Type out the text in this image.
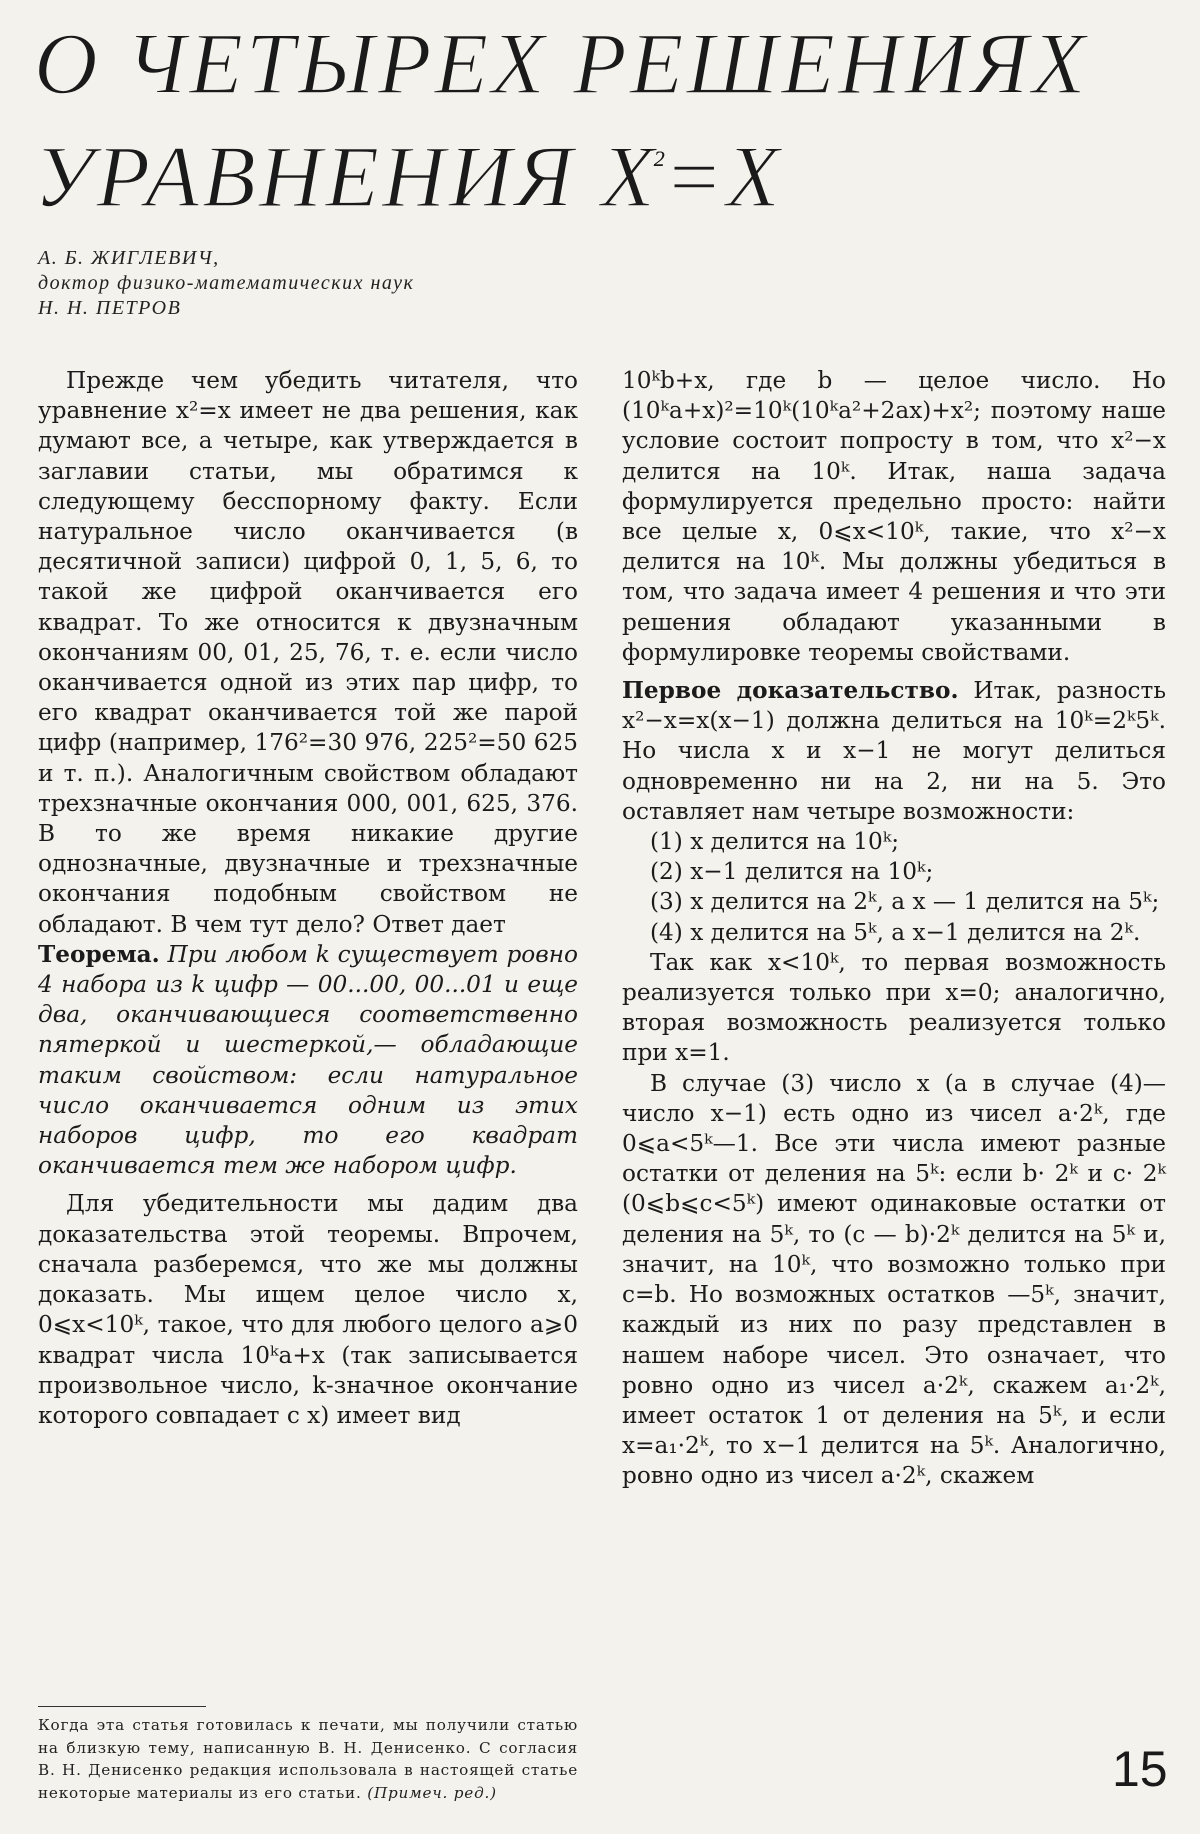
О ЧЕТЫРЕХ РЕШЕНИЯХ
УРАВНЕНИЯ $X^2=X$
А. Б. ЖИГЛЕВИЧ,
доктор физико-математических наук
Н. Н. ПЕТРОВ

Прежде чем убедить читателя, что уравнение x²=x имеет не два решения, как думают все, а четыре, как утверждается в заглавии статьи, мы обратимся к следующему бесспорному факту. Если натуральное число оканчивается (в десятичной записи) цифрой 0, 1, 5, 6, то такой же цифрой оканчивается его квадрат. То же относится к двузначным окончаниям 00, 01, 25, 76, т. е. если число оканчивается одной из этих пар цифр, то его квадрат оканчивается той же парой цифр (например, 176²=30 976, 225²=50 625 и т. п.). Аналогичным свойством обладают трехзначные окончания 000, 001, 625, 376. В то же время никакие другие однозначные, двузначные и трехзначные окончания подобным свойством не обладают. В чем тут дело? Ответ дает

Теорема. При любом k существует ровно 4 набора из k цифр — 00...00, 00...01 и еще два, оканчивающиеся соответственно пятеркой и шестеркой,— обладающие таким свойством: если натуральное число оканчивается одним из этих наборов цифр, то его квадрат оканчивается тем же набором цифр.

Для убедительности мы дадим два доказательства этой теоремы. Впрочем, сначала разберемся, что же мы должны доказать. Мы ищем целое число x, 0⩽x<10ᵏ, такое, что для любого целого a⩾0 квадрат числа 10ᵏa+x (так записывается произвольное число, k-значное окончание которого совпадает с x) имеет вид

10ᵏb+x, где b — целое число. Но (10ᵏa+x)²=10ᵏ(10ᵏa²+2ax)+x²; поэтому наше условие состоит попросту в том, что x²−x делится на 10ᵏ. Итак, наша задача формулируется предельно просто: найти все целые x, 0⩽x<10ᵏ, такие, что x²−x делится на 10ᵏ. Мы должны убедиться в том, что задача имеет 4 решения и что эти решения обладают указанными в формулировке теоремы свойствами.

Первое доказательство. Итак, разность x²−x=x(x−1) должна делиться на 10ᵏ=2ᵏ5ᵏ. Но числа x и x−1 не могут делиться одновременно ни на 2, ни на 5. Это оставляет нам четыре возможности:

(1) x делится на 10ᵏ;

(2) x−1 делится на 10ᵏ;

(3) x делится на 2ᵏ, а x — 1 делится на 5ᵏ;

(4) x делится на 5ᵏ, а x−1 делится на 2ᵏ.

Так как x<10ᵏ, то первая возможность реализуется только при x=0; аналогично, вторая возможность реализуется только при x=1.

В случае (3) число x (а в случае (4)— число x−1) есть одно из чисел a·2ᵏ, где 0⩽a<5ᵏ—1. Все эти числа имеют разные остатки от деления на 5ᵏ: если b· 2ᵏ и c· 2ᵏ (0⩽b⩽c<5ᵏ) имеют одинаковые остатки от деления на 5ᵏ, то (c — b)·2ᵏ делится на 5ᵏ и, значит, на 10ᵏ, что возможно только при c=b. Но возможных остатков —5ᵏ, значит, каждый из них по разу представлен в нашем наборе чисел. Это означает, что ровно одно из чисел a·2ᵏ, скажем a₁·2ᵏ, имеет остаток 1 от деления на 5ᵏ, и если x=a₁·2ᵏ, то x−1 делится на 5ᵏ. Аналогично, ровно одно из чисел a·2ᵏ, скажем

Когда эта статья готовилась к печати, мы получили статью на близкую тему, написанную В. Н. Денисенко. С согласия В. Н. Денисенко редакция использовала в настоящей статье некоторые материалы из его статьи. (Примеч. ред.)	15
